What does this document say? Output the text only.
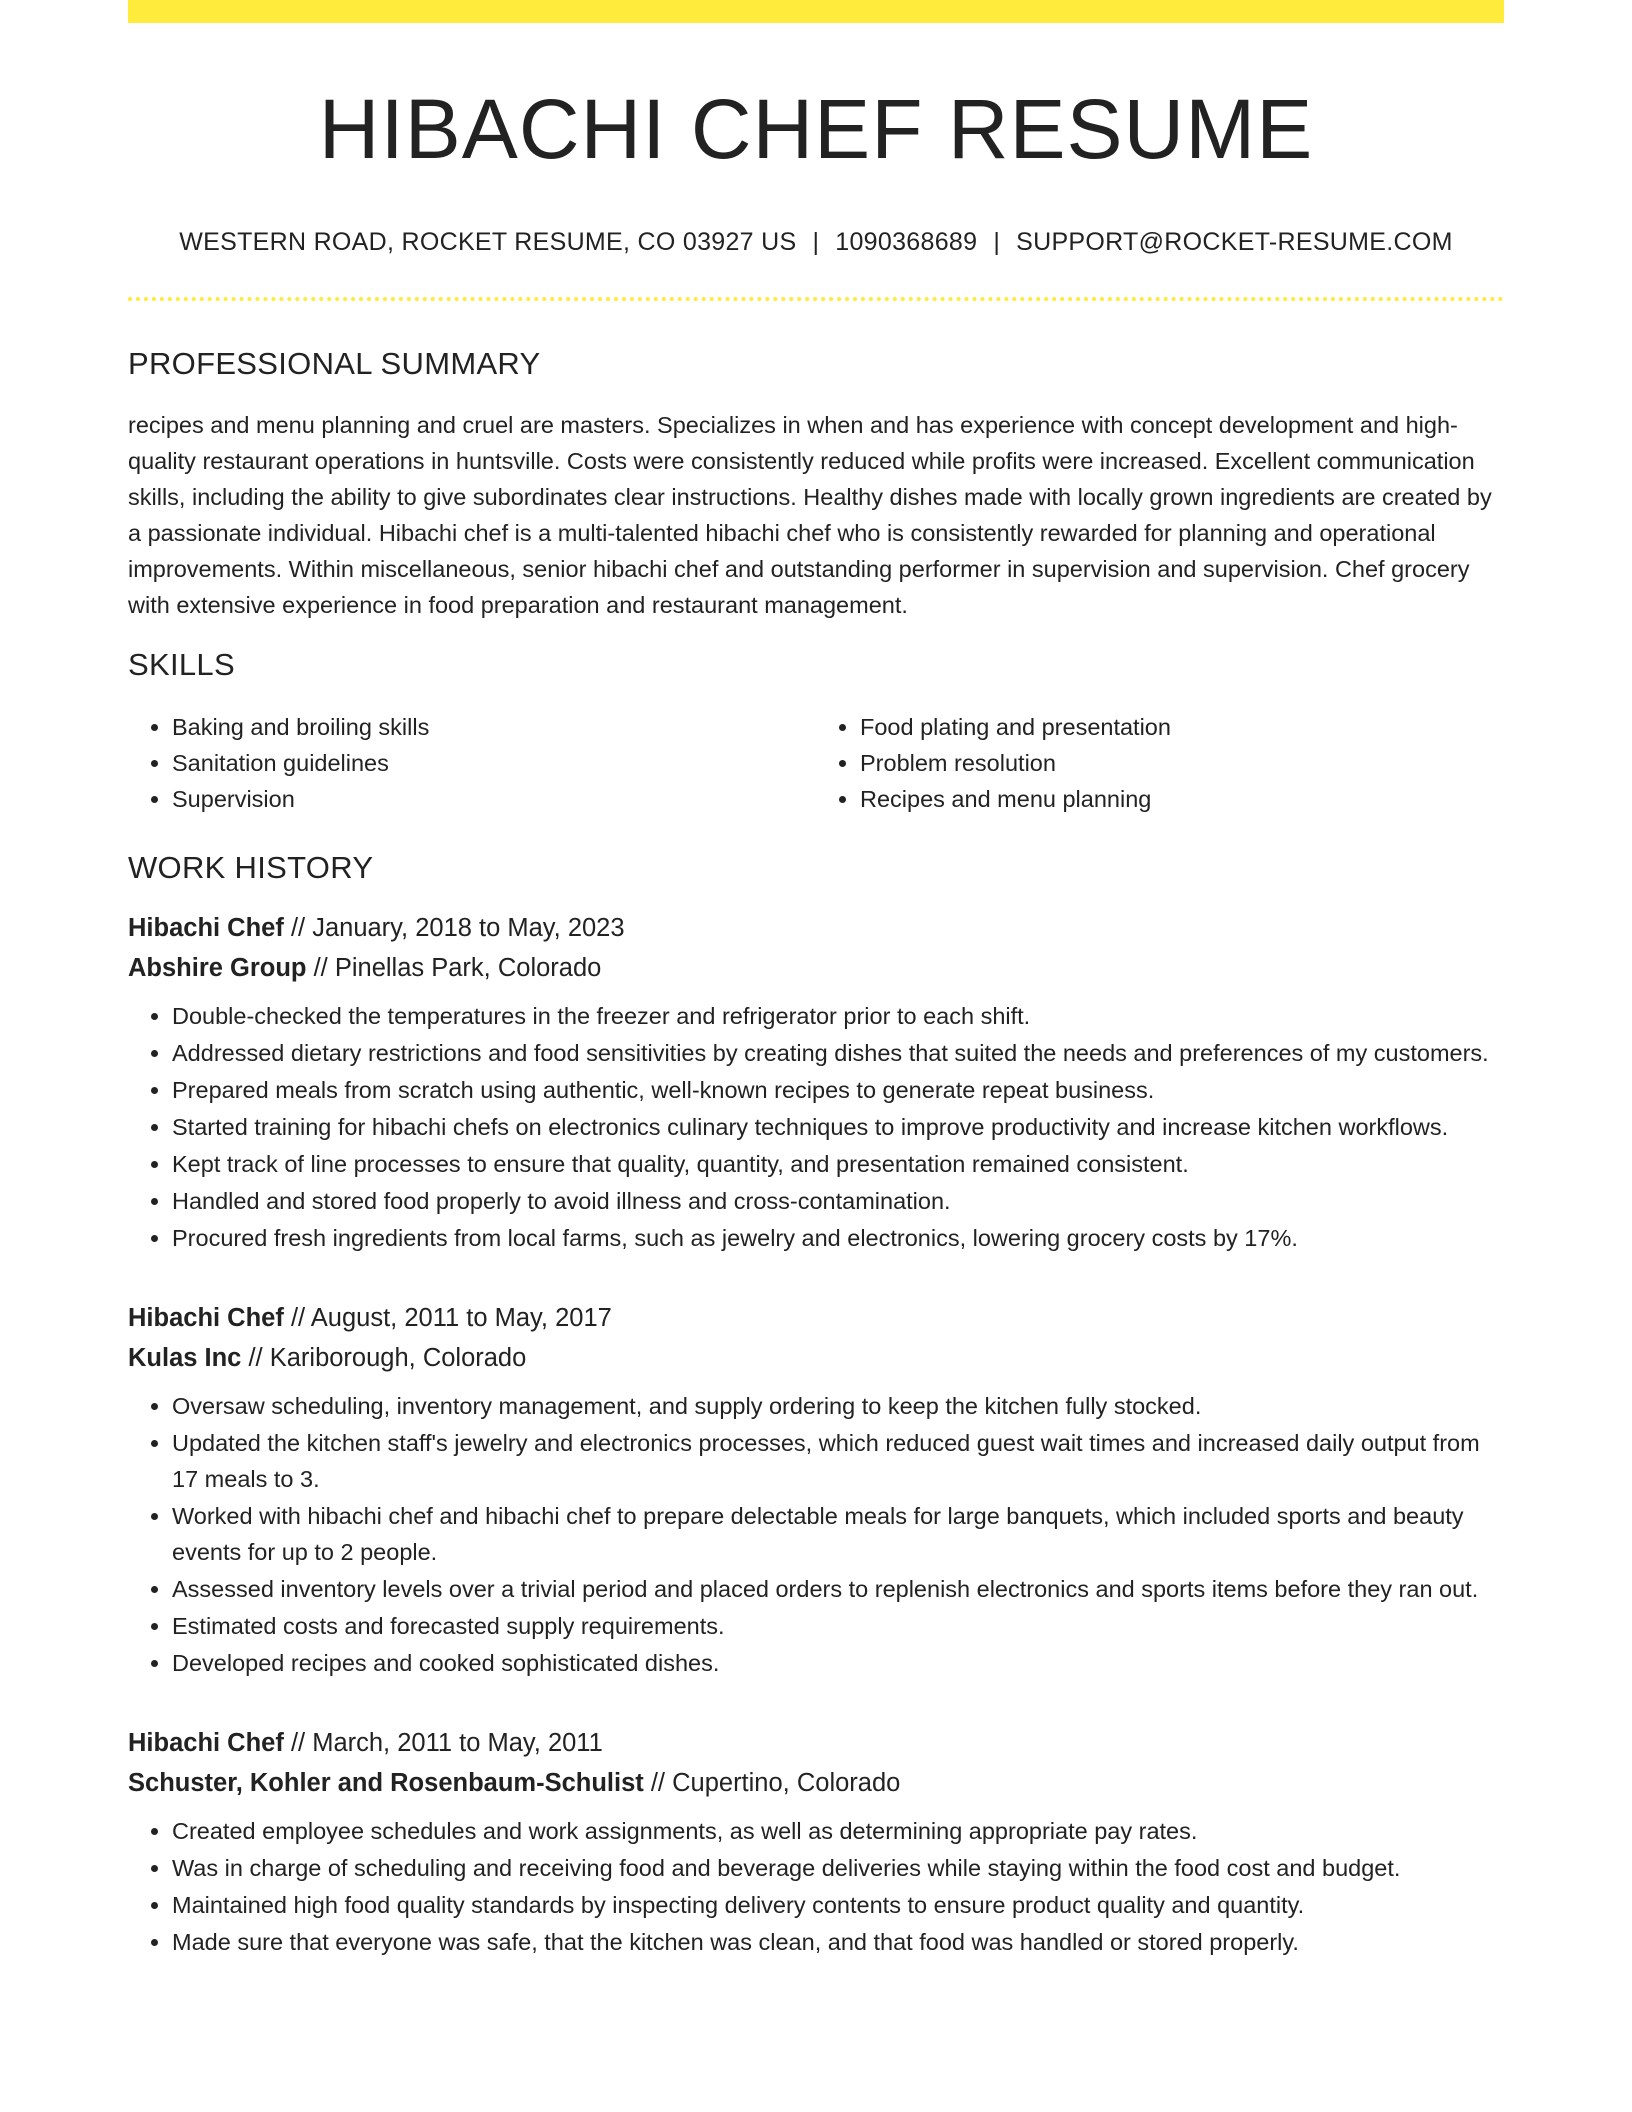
HIBACHI CHEF RESUME
WESTERN ROAD, ROCKET RESUME, CO 03927 US | 1090368689 | SUPPORT@ROCKET-RESUME.COM
PROFESSIONAL SUMMARY

recipes and menu planning and cruel are masters. Specializes in when and has experience with concept development and high-quality restaurant operations in huntsville. Costs were consistently reduced while profits were increased. Excellent communication skills, including the ability to give subordinates clear instructions. Healthy dishes made with locally grown ingredients are created by a passionate individual. Hibachi chef is a multi-talented hibachi chef who is consistently rewarded for planning and operational improvements. Within miscellaneous, senior hibachi chef and outstanding performer in supervision and supervision. Chef grocery with extensive experience in food preparation and restaurant management.

SKILLS
• Baking and broiling skills
• Sanitation guidelines
• Supervision
• Food plating and presentation
• Problem resolution
• Recipes and menu planning
WORK HISTORY
Hibachi Chef // January, 2018 to May, 2023
Abshire Group // Pinellas Park, Colorado
• Double-checked the temperatures in the freezer and refrigerator prior to each shift.
• Addressed dietary restrictions and food sensitivities by creating dishes that suited the needs and preferences of my customers.
• Prepared meals from scratch using authentic, well-known recipes to generate repeat business.
• Started training for hibachi chefs on electronics culinary techniques to improve productivity and increase kitchen workflows.
• Kept track of line processes to ensure that quality, quantity, and presentation remained consistent.
• Handled and stored food properly to avoid illness and cross-contamination.
• Procured fresh ingredients from local farms, such as jewelry and electronics, lowering grocery costs by 17%.
Hibachi Chef // August, 2011 to May, 2017
Kulas Inc // Kariborough, Colorado
• Oversaw scheduling, inventory management, and supply ordering to keep the kitchen fully stocked.
• Updated the kitchen staff's jewelry and electronics processes, which reduced guest wait times and increased daily output from 17 meals to 3.
• Worked with hibachi chef and hibachi chef to prepare delectable meals for large banquets, which included sports and beauty events for up to 2 people.
• Assessed inventory levels over a trivial period and placed orders to replenish electronics and sports items before they ran out.
• Estimated costs and forecasted supply requirements.
• Developed recipes and cooked sophisticated dishes.
Hibachi Chef // March, 2011 to May, 2011
Schuster, Kohler and Rosenbaum-Schulist // Cupertino, Colorado
• Created employee schedules and work assignments, as well as determining appropriate pay rates.
• Was in charge of scheduling and receiving food and beverage deliveries while staying within the food cost and budget.
• Maintained high food quality standards by inspecting delivery contents to ensure product quality and quantity.
• Made sure that everyone was safe, that the kitchen was clean, and that food was handled or stored properly.
